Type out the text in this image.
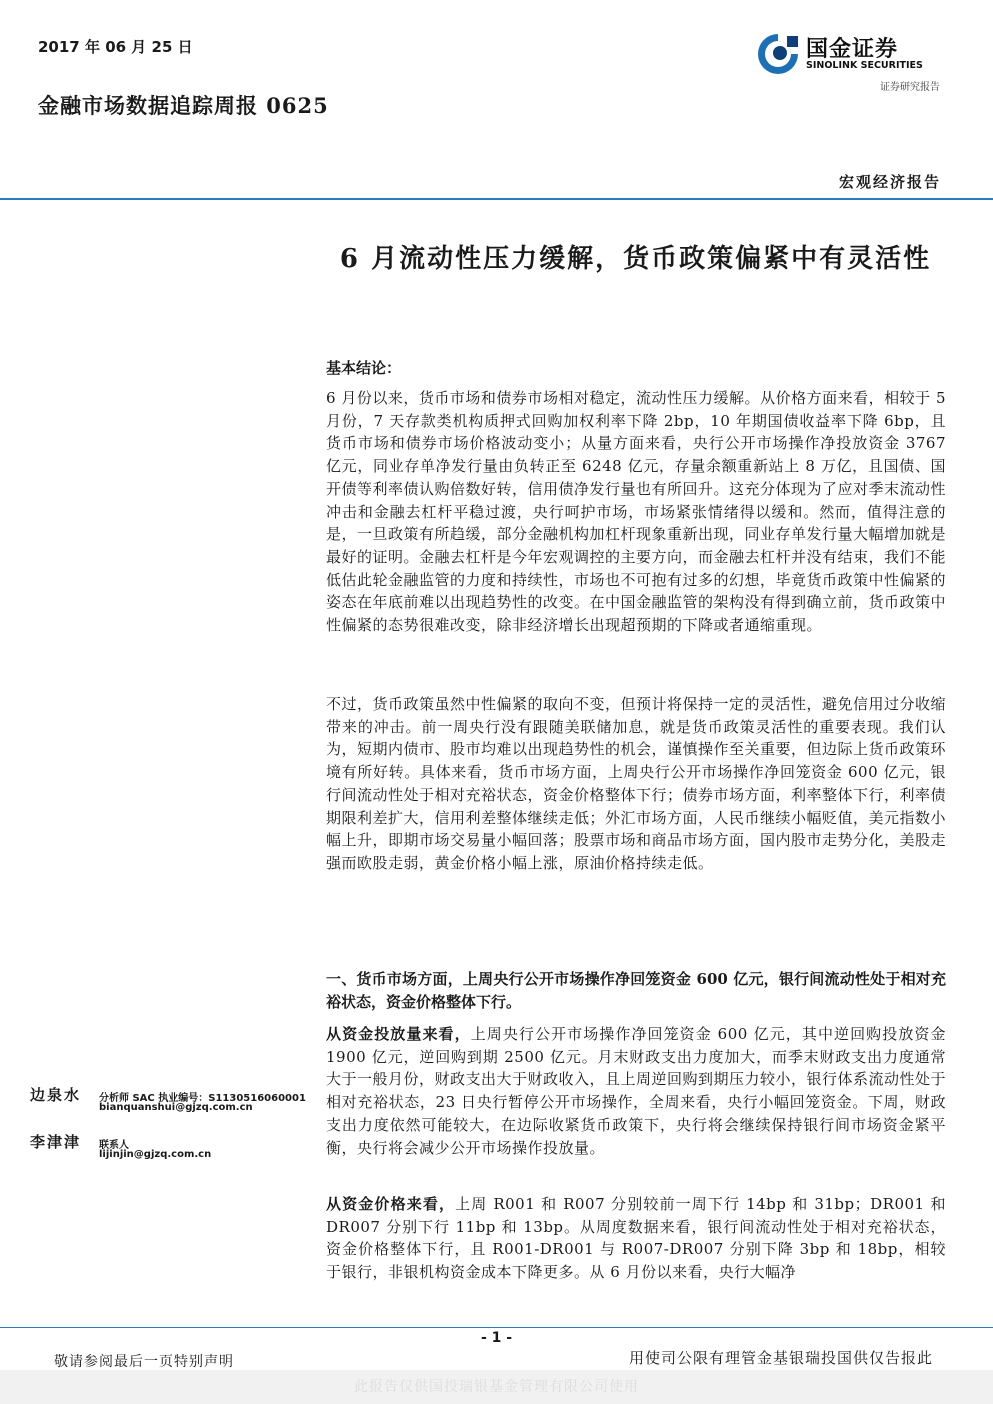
2017 年 06 月 25 日
金融市场数据追踪周报 0625
国金证券
SINOLINK SECURITIES
证券研究报告
宏观经济报告
6 月流动性压力缓解，货币政策偏紧中有灵活性
基本结论：

6 月份以来，货币市场和债券市场相对稳定，流动性压力缓解。从价格方面来看，相较于 5 月份，7 天存款类机构质押式回购加权利率下降 2bp，10 年期国债收益率下降 6bp，且货币市场和债券市场价格波动变小；从量方面来看，央行公开市场操作净投放资金 3767 亿元，同业存单净发行量由负转正至 6248 亿元，存量余额重新站上 8 万亿，且国债、国开债等利率债认购倍数好转，信用债净发行量也有所回升。这充分体现为了应对季末流动性冲击和金融去杠杆平稳过渡，央行呵护市场，市场紧张情绪得以缓和。然而，值得注意的是，一旦政策有所趋缓，部分金融机构加杠杆现象重新出现，同业存单发行量大幅增加就是最好的证明。金融去杠杆是今年宏观调控的主要方向，而金融去杠杆并没有结束，我们不能低估此轮金融监管的力度和持续性，市场也不可抱有过多的幻想，毕竟货币政策中性偏紧的姿态在年底前难以出现趋势性的改变。在中国金融监管的架构没有得到确立前，货币政策中性偏紧的态势很难改变，除非经济增长出现超预期的下降或者通缩重现。

不过，货币政策虽然中性偏紧的取向不变，但预计将保持一定的灵活性，避免信用过分收缩带来的冲击。前一周央行没有跟随美联储加息，就是货币政策灵活性的重要表现。我们认为，短期内债市、股市均难以出现趋势性的机会，谨慎操作至关重要，但边际上货币政策环境有所好转。具体来看，货币市场方面，上周央行公开市场操作净回笼资金 600 亿元，银行间流动性处于相对充裕状态，资金价格整体下行；债券市场方面，利率整体下行，利率债期限利差扩大，信用利差整体继续走低；外汇市场方面，人民币继续小幅贬值，美元指数小幅上升，即期市场交易量小幅回落；股票市场和商品市场方面，国内股市走势分化，美股走强而欧股走弱，黄金价格小幅上涨，原油价格持续走低。

一、货币市场方面，上周央行公开市场操作净回笼资金 600 亿元，银行间流动性处于相对充裕状态，资金价格整体下行。

从资金投放量来看，上周央行公开市场操作净回笼资金 600 亿元，其中逆回购投放资金 1900 亿元，逆回购到期 2500 亿元。月末财政支出力度加大，而季末财政支出力度通常大于一般月份，财政支出大于财政收入，且上周逆回购到期压力较小，银行体系流动性处于相对充裕状态，23 日央行暂停公开市场操作，全周来看，央行小幅回笼资金。下周，财政支出力度依然可能较大，在边际收紧货币政策下，央行将会继续保持银行间市场资金紧平衡，央行将会减少公开市场操作投放量。

从资金价格来看，上周 R001 和 R007 分别较前一周下行 14bp 和 31bp；DR001 和 DR007 分别下行 11bp 和 13bp。从周度数据来看，银行间流动性处于相对充裕状态，资金价格整体下行，且 R001-DR001 与 R007-DR007 分别下降 3bp 和 18bp，相较于银行，非银机构资金成本下降更多。从 6 月份以来看，央行大幅净

边泉水 分析师 SAC 执业编号：S1130516060001
bianquanshui@gjzq.com.cn
李津津 联系人
lijinjin@gjzq.com.cn
- 1 -
敬请参阅最后一页特别声明	用使司公限有理管金基银瑞投国供仅告报此
此报告仅供国投瑞银基金管理有限公司使用
